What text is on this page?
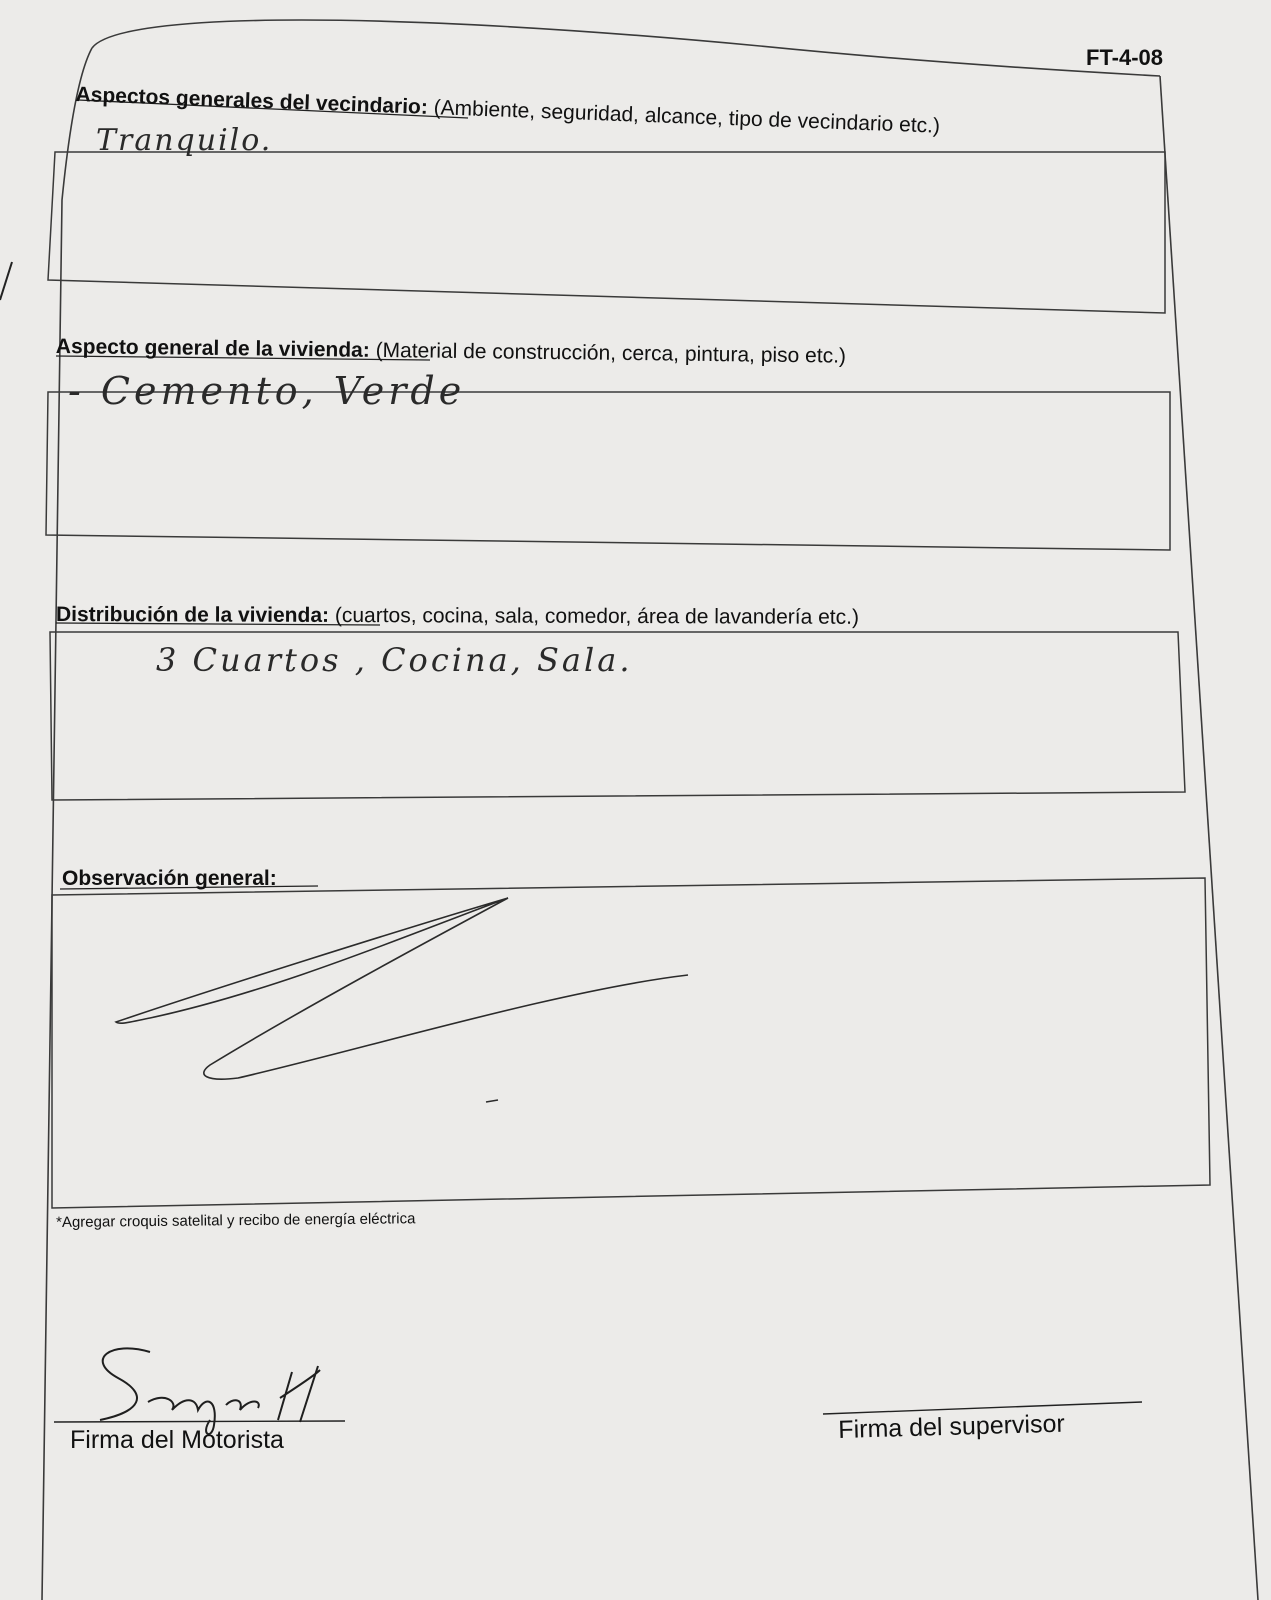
FT-4-08
Aspectos generales del vecindario: (Ambiente, seguridad, alcance, tipo de vecindario etc.)
Tranquilo.
Aspecto general de la vivienda: (Material de construcción, cerca, pintura, piso etc.)
- Cemento, Verde
Distribución de la vivienda: (cuartos, cocina, sala, comedor, área de lavandería etc.)
3 Cuartos , Cocina, Sala.
Observación general:
*Agregar croquis satelital y recibo de energía eléctrica
Firma del Motorista	Firma del supervisor
